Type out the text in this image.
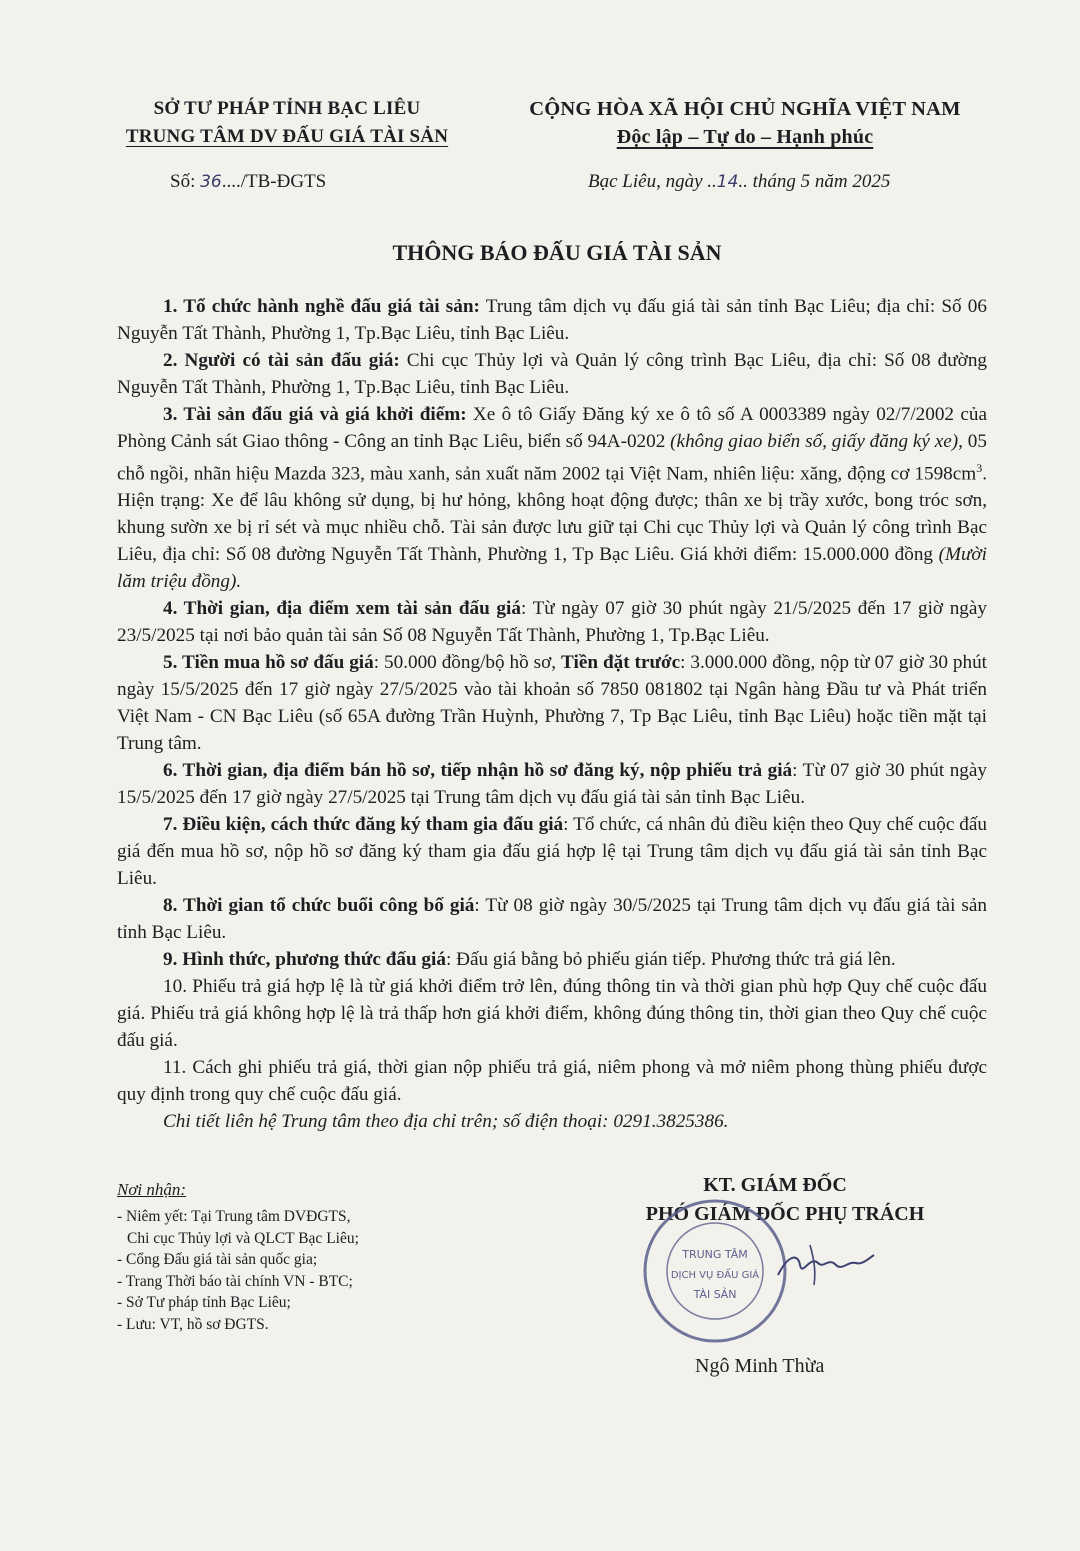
SỞ TƯ PHÁP TỈNH BẠC LIÊU
TRUNG TÂM DV ĐẤU GIÁ TÀI SẢN
Số: 36..../TB-ĐGTS
CỘNG HÒA XÃ HỘI CHỦ NGHĨA VIỆT NAM
Độc lập – Tự do – Hạnh phúc
Bạc Liêu, ngày ..14.. tháng 5 năm 2025
THÔNG BÁO ĐẤU GIÁ TÀI SẢN

1. Tổ chức hành nghề đấu giá tài sản: Trung tâm dịch vụ đấu giá tài sản tỉnh Bạc Liêu; địa chỉ: Số 06 Nguyễn Tất Thành, Phường 1, Tp.Bạc Liêu, tỉnh Bạc Liêu.

2. Người có tài sản đấu giá: Chi cục Thủy lợi và Quản lý công trình Bạc Liêu, địa chỉ: Số 08 đường Nguyễn Tất Thành, Phường 1, Tp.Bạc Liêu, tỉnh Bạc Liêu.

3. Tài sản đấu giá và giá khởi điểm: Xe ô tô Giấy Đăng ký xe ô tô số A 0003389 ngày 02/7/2002 của Phòng Cảnh sát Giao thông - Công an tỉnh Bạc Liêu, biển số 94A-0202 (không giao biển số, giấy đăng ký xe), 05 chỗ ngồi, nhãn hiệu Mazda 323, màu xanh, sản xuất năm 2002 tại Việt Nam, nhiên liệu: xăng, động cơ $1598cm^3$. Hiện trạng: Xe để lâu không sử dụng, bị hư hỏng, không hoạt động được; thân xe bị trầy xước, bong tróc sơn, khung sườn xe bị rỉ sét và mục nhiều chỗ. Tài sản được lưu giữ tại Chi cục Thủy lợi và Quản lý công trình Bạc Liêu, địa chỉ: Số 08 đường Nguyễn Tất Thành, Phường 1, Tp Bạc Liêu. Giá khởi điểm: 15.000.000 đồng (Mười lăm triệu đồng).

4. Thời gian, địa điểm xem tài sản đấu giá: Từ ngày 07 giờ 30 phút ngày 21/5/2025 đến 17 giờ ngày 23/5/2025 tại nơi bảo quản tài sản Số 08 Nguyễn Tất Thành, Phường 1, Tp.Bạc Liêu.

5. Tiền mua hồ sơ đấu giá: 50.000 đồng/bộ hồ sơ, Tiền đặt trước: 3.000.000 đồng, nộp từ 07 giờ 30 phút ngày 15/5/2025 đến 17 giờ ngày 27/5/2025 vào tài khoản số 7850 081802 tại Ngân hàng Đầu tư và Phát triển Việt Nam - CN Bạc Liêu (số 65A đường Trần Huỳnh, Phường 7, Tp Bạc Liêu, tỉnh Bạc Liêu) hoặc tiền mặt tại Trung tâm.

6. Thời gian, địa điểm bán hồ sơ, tiếp nhận hồ sơ đăng ký, nộp phiếu trả giá: Từ 07 giờ 30 phút ngày 15/5/2025 đến 17 giờ ngày 27/5/2025 tại Trung tâm dịch vụ đấu giá tài sản tỉnh Bạc Liêu.

7. Điều kiện, cách thức đăng ký tham gia đấu giá: Tổ chức, cá nhân đủ điều kiện theo Quy chế cuộc đấu giá đến mua hồ sơ, nộp hồ sơ đăng ký tham gia đấu giá hợp lệ tại Trung tâm dịch vụ đấu giá tài sản tỉnh Bạc Liêu.

8. Thời gian tổ chức buổi công bố giá: Từ 08 giờ ngày 30/5/2025 tại Trung tâm dịch vụ đấu giá tài sản tỉnh Bạc Liêu.

9. Hình thức, phương thức đấu giá: Đấu giá bằng bỏ phiếu gián tiếp. Phương thức trả giá lên.

10. Phiếu trả giá hợp lệ là từ giá khởi điểm trở lên, đúng thông tin và thời gian phù hợp Quy chế cuộc đấu giá. Phiếu trả giá không hợp lệ là trả thấp hơn giá khởi điểm, không đúng thông tin, thời gian theo Quy chế cuộc đấu giá.

11. Cách ghi phiếu trả giá, thời gian nộp phiếu trả giá, niêm phong và mở niêm phong thùng phiếu được quy định trong quy chế cuộc đấu giá.

Chi tiết liên hệ Trung tâm theo địa chỉ trên; số điện thoại: 0291.3825386.

Nơi nhận:
- Niêm yết: Tại Trung tâm DVĐGTS,
Chi cục Thủy lợi và QLCT Bạc Liêu;
- Cổng Đấu giá tài sản quốc gia;
- Trang Thời báo tài chính VN - BTC;
- Sở Tư pháp tỉnh Bạc Liêu;
- Lưu: VT, hồ sơ ĐGTS.
KT. GIÁM ĐỐC
PHÓ GIÁM ĐỐC PHỤ TRÁCH
TRUNG TÂM
DỊCH VỤ ĐẤU GIÁ
TÀI SẢN
Ngô Minh Thừa
